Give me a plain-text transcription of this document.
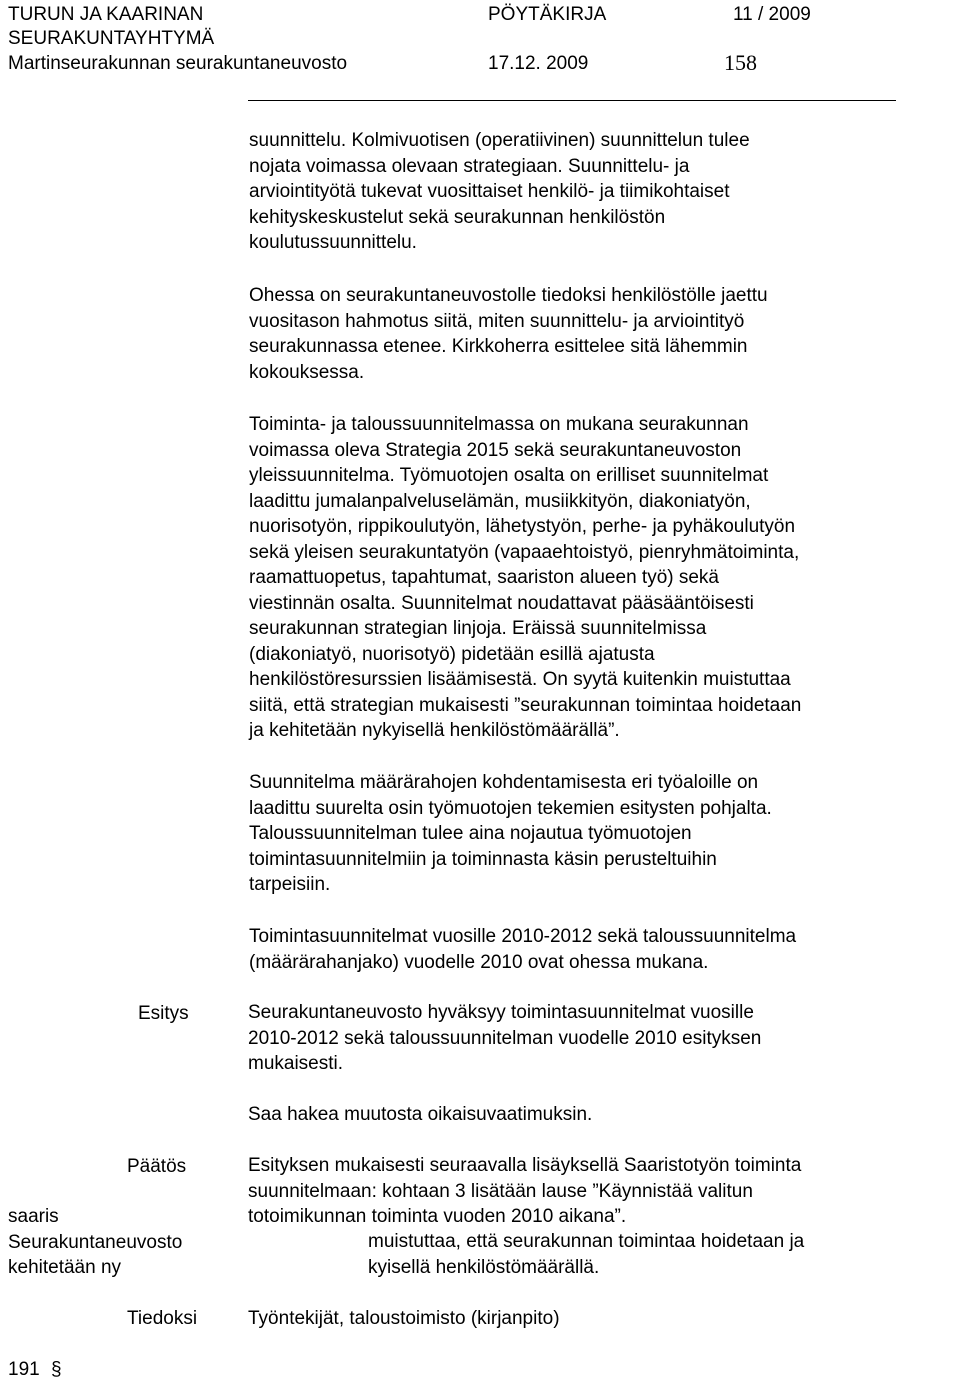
TURUN JA KAARINAN
SEURAKUNTAYHTYMÄ
Martinseurakunnan seurakuntaneuvosto
PÖYTÄKIRJA	11 / 2009
17.12. 2009	158
suunnittelu. Kolmivuotisen (operatiivinen) suunnittelun tulee
nojata voimassa olevaan strategiaan. Suunnittelu- ja
arviointityötä tukevat vuosittaiset henkilö- ja tiimikohtaiset
kehityskeskustelut sekä seurakunnan henkilöstön
koulutussuunnittelu.
Ohessa on seurakuntaneuvostolle tiedoksi henkilöstölle jaettu
vuositason hahmotus siitä, miten suunnittelu- ja arviointityö
seurakunnassa etenee. Kirkkoherra esittelee sitä lähemmin
kokouksessa.
Toiminta- ja taloussuunnitelmassa on mukana seurakunnan
voimassa oleva Strategia 2015 sekä seurakuntaneuvoston
yleissuunnitelma. Työmuotojen osalta on erilliset suunnitelmat
laadittu jumalanpalveluselämän, musiikkityön, diakoniatyön,
nuorisotyön, rippikoulutyön, lähetystyön, perhe- ja pyhäkoulutyön
sekä yleisen seurakuntatyön (vapaaehtoistyö, pienryhmätoiminta,
raamattuopetus, tapahtumat, saariston alueen työ) sekä
viestinnän osalta. Suunnitelmat noudattavat pääsääntöisesti
seurakunnan strategian linjoja. Eräissä suunnitelmissa
(diakoniatyö, nuorisotyö) pidetään esillä ajatusta
henkilöstöresurssien lisäämisestä. On syytä kuitenkin muistuttaa
siitä, että strategian mukaisesti ”seurakunnan toimintaa hoidetaan
ja kehitetään nykyisellä henkilöstömäärällä”.
Suunnitelma määrärahojen kohdentamisesta eri työaloille on
laadittu suurelta osin työmuotojen tekemien esitysten pohjalta.
Taloussuunnitelman tulee aina nojautua työmuotojen
toimintasuunnitelmiin ja toiminnasta käsin perusteltuihin
tarpeisiin.
Toimintasuunnitelmat vuosille 2010-2012 sekä taloussuunnitelma
(määrärahanjako) vuodelle 2010 ovat ohessa mukana.
Esitys	Seurakuntaneuvosto hyväksyy toimintasuunnitelmat vuosille
2010-2012 sekä taloussuunnitelman vuodelle 2010 esityksen
mukaisesti.
Saa hakea muutosta oikaisuvaatimuksin.
Päätös	Esityksen mukaisesti seuraavalla lisäyksellä Saaristotyön toiminta
suunnitelmaan: kohtaan 3 lisätään lause ”Käynnistää valitun
totoimikunnan toiminta vuoden 2010 aikana”.
saaris
Seurakuntaneuvosto
kehitetään ny
muistuttaa, että seurakunnan toimintaa hoidetaan ja
kyisellä henkilöstömäärällä.
Tiedoksi	Työntekijät, taloustoimisto (kirjanpito)
191 §
